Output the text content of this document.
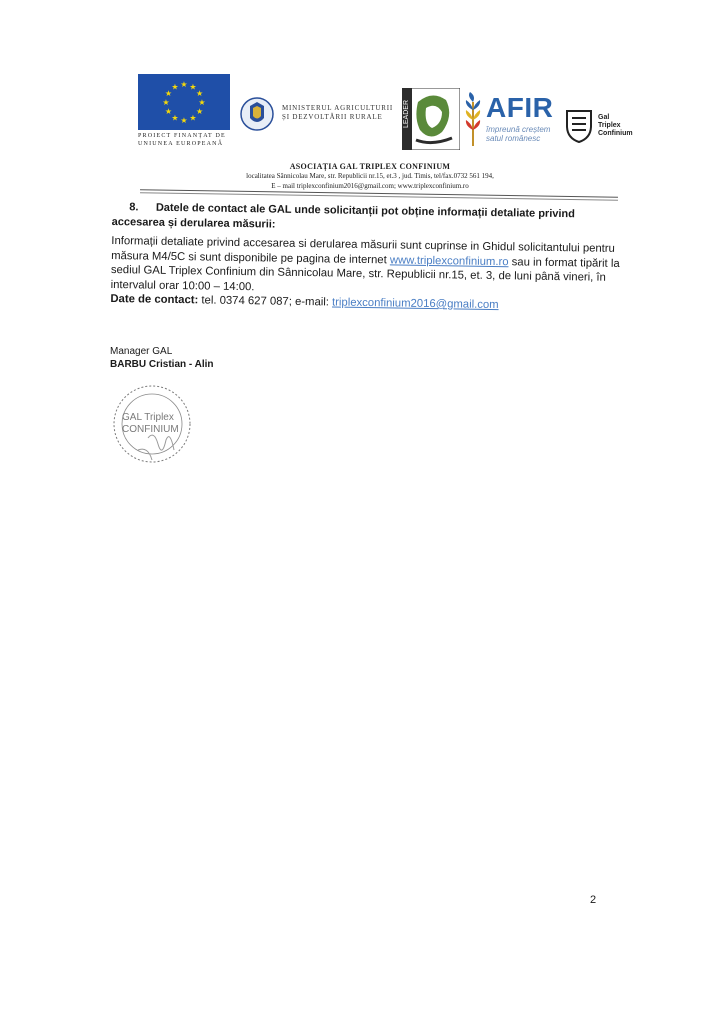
★ ★
★
★
★
★
★
★
★
★
★
★
PROIECT FINANȚAT DE UNIUNEA EUROPEANĂ
MINISTERUL AGRICULTURII ȘI DEZVOLTĂRII RURALE	LEADER	AFIR
împreună creștem satul românesc
Gal
Triplex
Confinium
ASOCIAȚIA GAL TRIPLEX CONFINIUM
localitatea Sânnicolau Mare, str. Republicii nr.15, et.3 , jud. Timis, tel/fax.0732 561 194,
E – mail triplexconfinium2016@gmail.com; www.triplexconfinium.ro
8. Datele de contact ale GAL unde solicitanții pot obține informații detaliate privind accesarea și derularea măsurii:

Informații detaliate privind accesarea si derularea măsurii sunt cuprinse in Ghidul solicitantului pentru măsura M4/5C si sunt disponibile pe pagina de internet www.triplexconfinium.ro sau in format tipărit la sediul GAL Triplex Confinium din Sânnicolau Mare, str. Republicii nr.15, et. 3, de luni până vineri, în intervalul orar 10:00 – 14:00.

Date de contact: tel. 0374 627 087; e-mail: triplexconfinium2016@gmail.com

Manager GAL
BARBU Cristian - Alin
GAL Triplex
CONFINIUM
2
